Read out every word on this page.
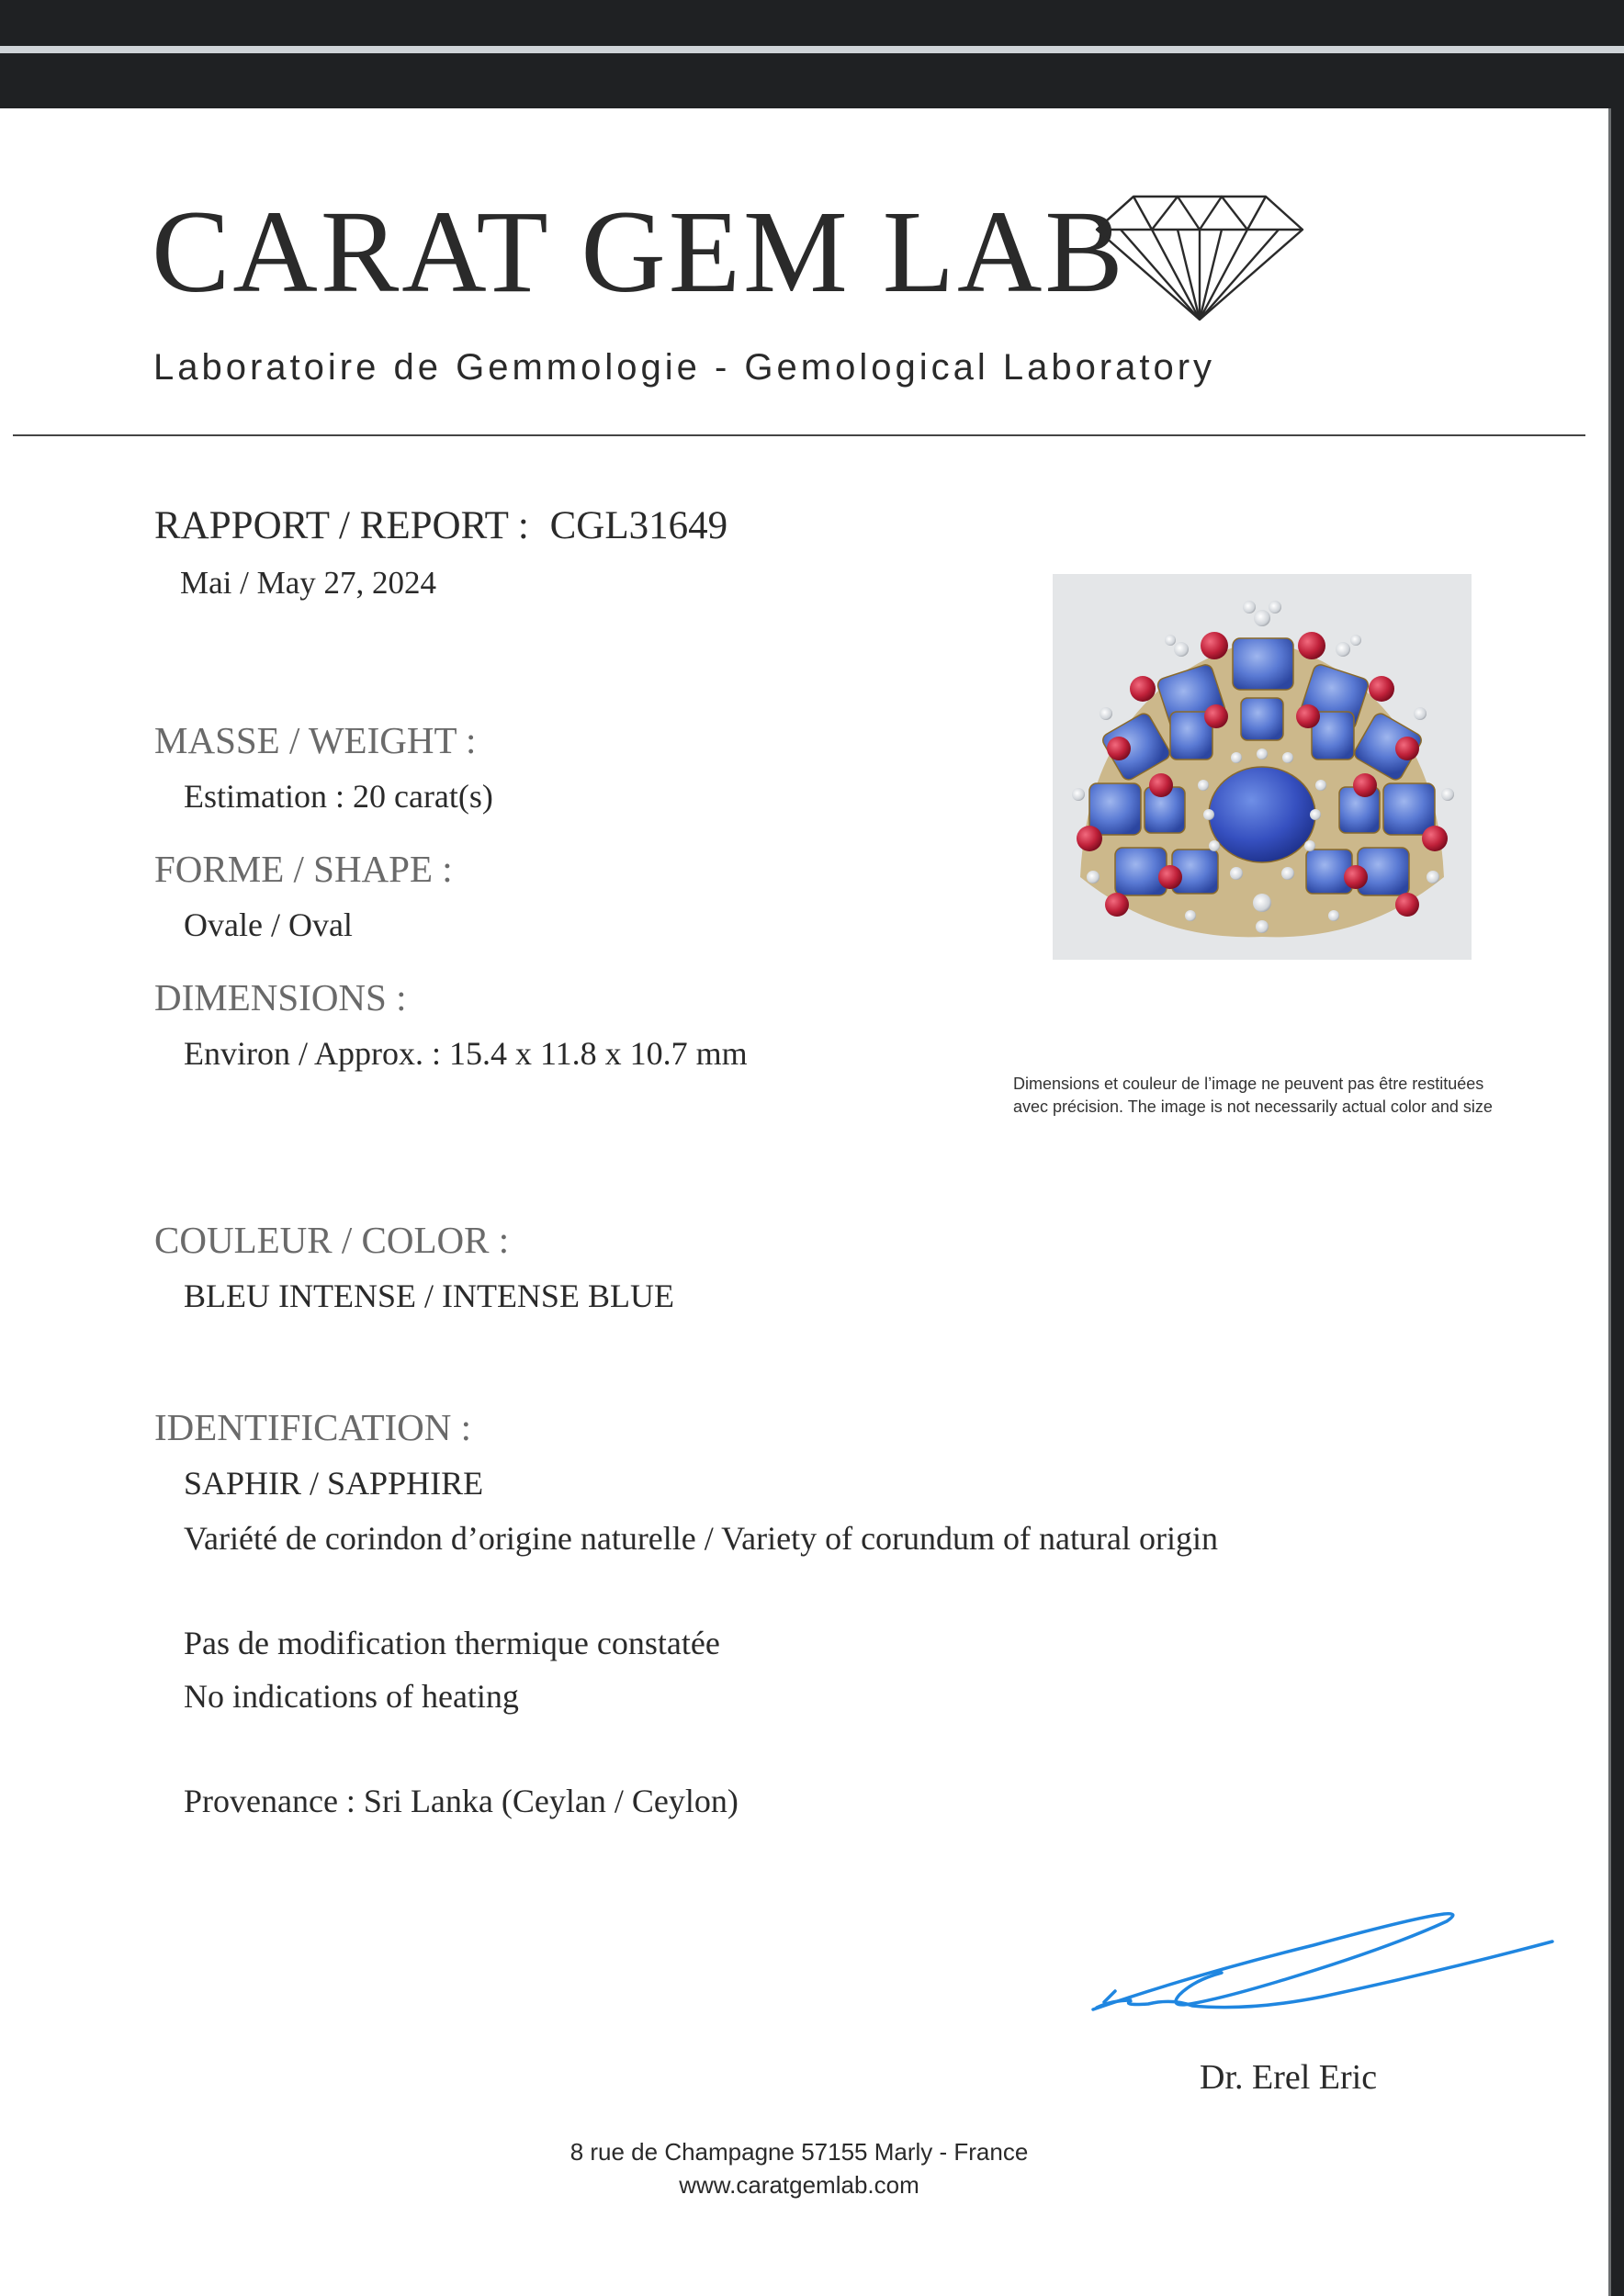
CARAT GEM LAB
Laboratoire de Gemmologie - Gemological Laboratory
RAPPORT / REPORT : CGL31649
Mai / May 27, 2024
MASSE / WEIGHT :
Estimation : 20 carat(s)
FORME / SHAPE :
Ovale / Oval
DIMENSIONS :
Environ / Approx. : 15.4 x 11.8 x 10.7 mm
COULEUR / COLOR :
BLEU INTENSE / INTENSE BLUE
IDENTIFICATION :
SAPHIR / SAPPHIRE
Variété de corindon d’origine naturelle / Variety of corundum of natural origin
Pas de modification thermique constatée
No indications of heating
Provenance : Sri Lanka (Ceylan / Ceylon)
Dimensions et couleur de l’image ne peuvent pas être restituées
avec précision. The image is not necessarily actual color and size
Dr. Erel Eric
8 rue de Champagne 57155 Marly - France
www.caratgemlab.com
